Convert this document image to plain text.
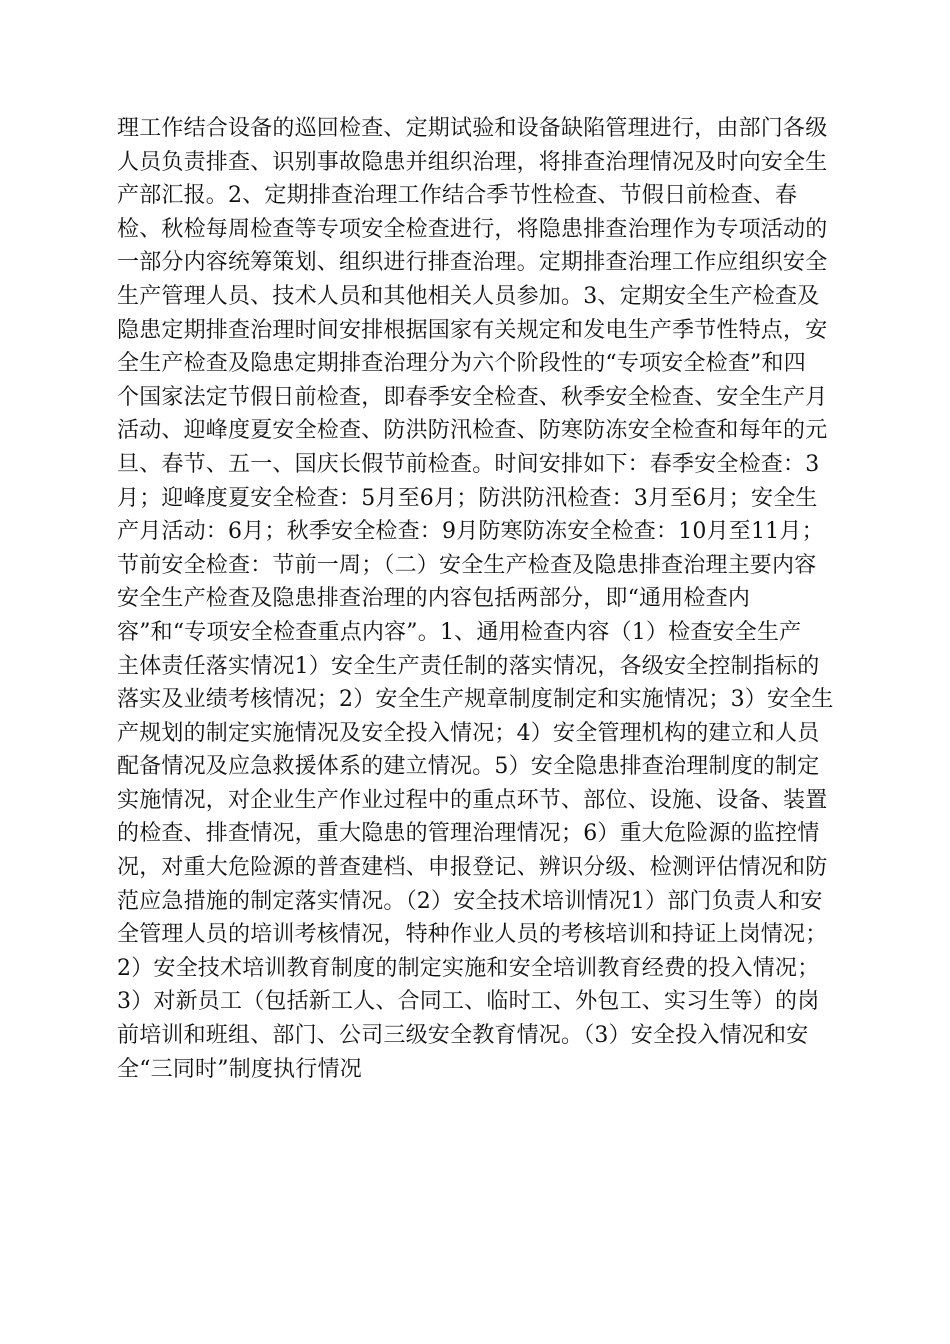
理工作结合设备的巡回检查、定期试验和设备缺陷管理进行，由部门各级
人员负责排查、识别事故隐患并组织治理，将排查治理情况及时向安全生
产部汇报。2、定期排查治理工作结合季节性检查、节假日前检查、春
检、秋检每周检查等专项安全检查进行，将隐患排查治理作为专项活动的
一部分内容统筹策划、组织进行排查治理。定期排查治理工作应组织安全
生产管理人员、技术人员和其他相关人员参加。3、定期安全生产检查及
隐患定期排查治理时间安排根据国家有关规定和发电生产季节性特点，安
全生产检查及隐患定期排查治理分为六个阶段性的“专项安全检查”和四
个国家法定节假日前检查，即春季安全检查、秋季安全检查、安全生产月
活动、迎峰度夏安全检查、防洪防汛检查、防寒防冻安全检查和每年的元
旦、春节、五一、国庆长假节前检查。时间安排如下：春季安全检查：3
月；迎峰度夏安全检查：5月至6月；防洪防汛检查：3月至6月；安全生
产月活动：6月；秋季安全检查：9月防寒防冻安全检查：10月至11月；
节前安全检查：节前一周；（二）安全生产检查及隐患排查治理主要内容
安全生产检查及隐患排查治理的内容包括两部分，即“通用检查内
容”和“专项安全检查重点内容”。1、通用检查内容（1）检查安全生产
主体责任落实情况1）安全生产责任制的落实情况，各级安全控制指标的
落实及业绩考核情况；2）安全生产规章制度制定和实施情况；3）安全生
产规划的制定实施情况及安全投入情况；4）安全管理机构的建立和人员
配备情况及应急救援体系的建立情况。5）安全隐患排查治理制度的制定
实施情况，对企业生产作业过程中的重点环节、部位、设施、设备、装置
的检查、排查情况，重大隐患的管理治理情况；6）重大危险源的监控情
况，对重大危险源的普查建档、申报登记、辨识分级、检测评估情况和防
范应急措施的制定落实情况。（2）安全技术培训情况1）部门负责人和安
全管理人员的培训考核情况，特种作业人员的考核培训和持证上岗情况；
2）安全技术培训教育制度的制定实施和安全培训教育经费的投入情况；
3）对新员工（包括新工人、合同工、临时工、外包工、实习生等）的岗
前培训和班组、部门、公司三级安全教育情况。（3）安全投入情况和安
全“三同时”制度执行情况
